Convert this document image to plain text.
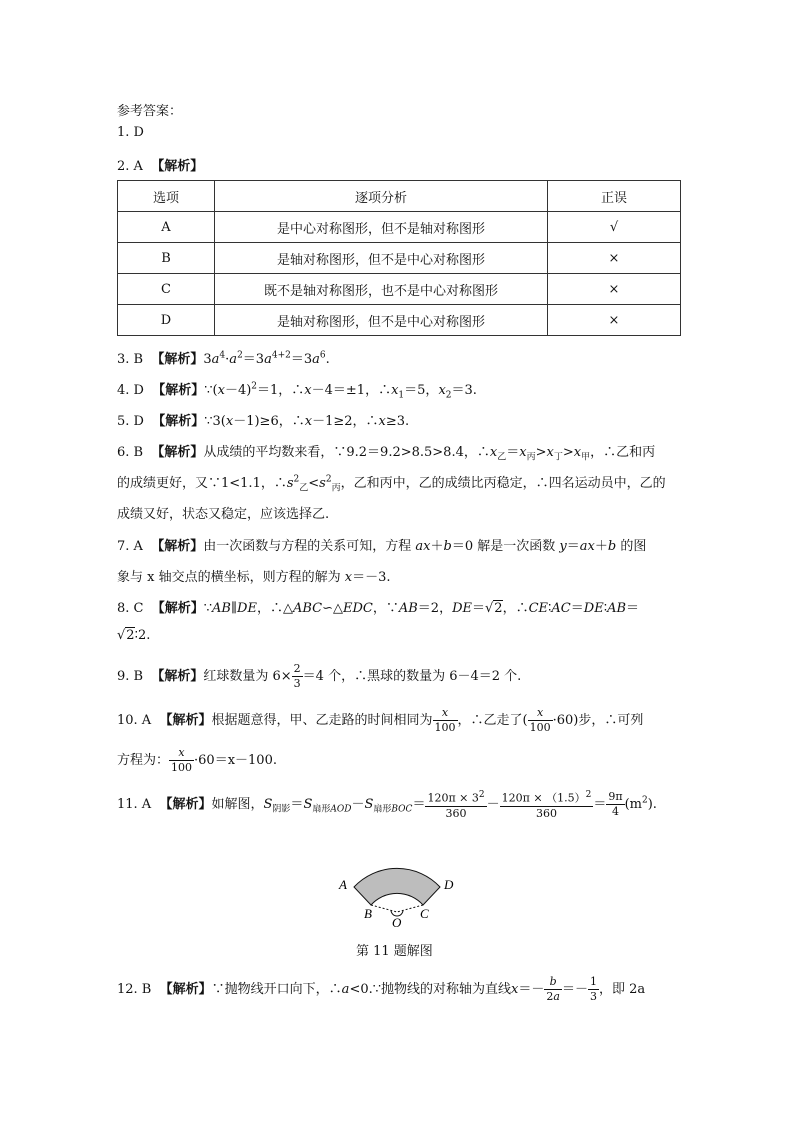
参考答案：
1. D
2. A 【解析】
选项	逐项分析	正误
A	是中心对称图形，但不是轴对称图形	√
B	是轴对称图形，但不是中心对称图形	×
C	既不是轴对称图形，也不是中心对称图形	×
D	是轴对称图形，但不是中心对称图形	×
3. B 【解析】$3a^4\cdot a^2=3a^{4+2}=3a^6$.
4. D 【解析】$\because(x-4)^2=1$，∴x－4＝±1，$\therefore x_1=5$，$x_2=3$.
5. D 【解析】∵3(x－1)≥6，∴x－1≥2，∴x≥3.
6. B 【解析】从成绩的平均数来看，∵9.2＝9.2>8.5>8.4，$\therefore x_乙=x_丙>x_丁>x_甲$，∴乙和丙
的成绩更好，又∵1<1.1，$\therefore s^2_乙<s^2_丙$，乙和丙中，乙的成绩比丙稳定，∴四名运动员中，乙的
成绩又好，状态又稳定，应该选择乙.
7. A 【解析】由一次函数与方程的关系可知，方程 ax＋b＝0 解是一次函数 y＝ax＋b 的图
象与 x 轴交点的横坐标，则方程的解为 x＝－3.
8. C 【解析】∵AB∥DE，∴△ABC∽△EDC，∵AB＝2，DE＝√2，∴CE∶AC＝DE∶AB＝
√2∶2.
9. B 【解析】红球数量为 $6\times \frac{2}{3} =4$ 个，∴黑球的数量为 6－4＝2 个.
10. A 【解析】根据题意得，甲、乙走路的时间相同为 $\frac{x}{100}$ ，∴乙走了( $\frac{x}{100} \cdot 60$)步，∴可列
方程为： $\frac{x}{100} \cdot 60=x-100$.
11. A 【解析】如解图，$S_{阴影}=S_{扇形AOD}-S_{扇形BOC}= \frac{120\pi \times 3^2}{360} - \frac{120\pi \times (1.5)^2}{360} = \frac{9\pi}{4} (m^2)$.
A
B
O
C
D
第 11 题解图
12. B 【解析】∵抛物线开口向下，∴a<0.∵抛物线的对称轴为直线$x=- \frac{b}{2a} =- \frac{1}{3}$ ，即 2a
